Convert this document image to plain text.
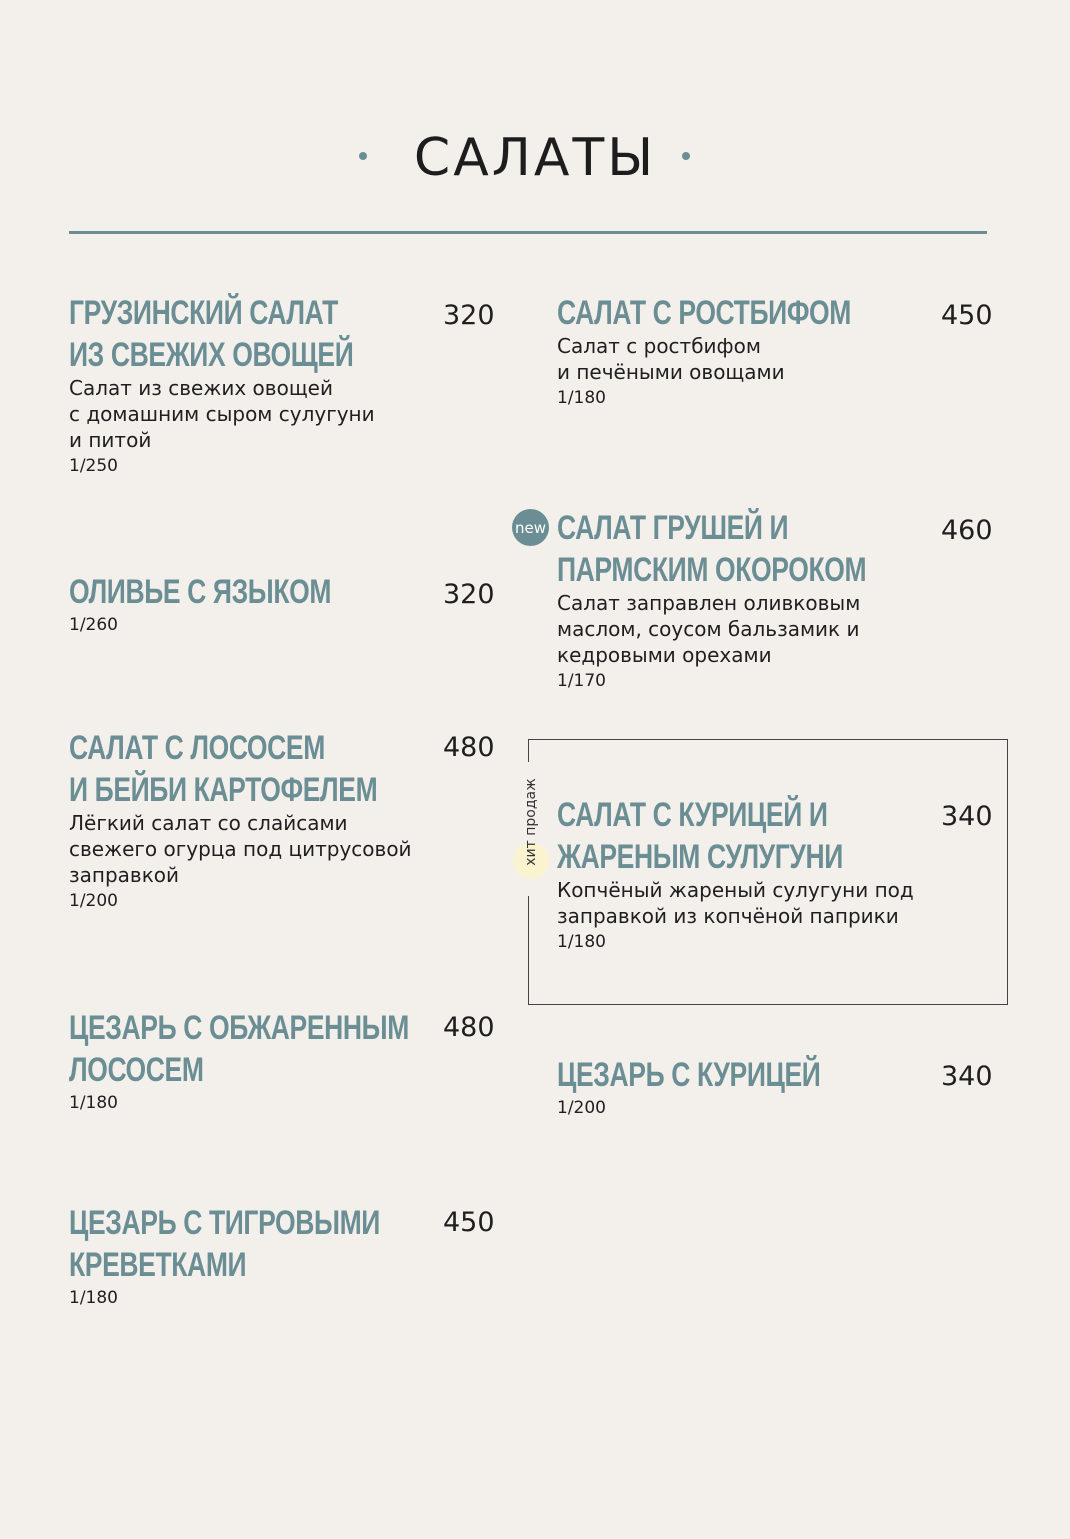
САЛАТЫ
ГРУЗИНСКИЙ САЛАТ
ИЗ СВЕЖИХ ОВОЩЕЙ
Салат из свежих овощей
с домашним сыром сулугуни
и питой
1/250
320
ОЛИВЬЕ С ЯЗЫКОМ
1/260
320
САЛАТ С ЛОСОСЕМ
И БЕЙБИ КАРТОФЕЛЕМ
Лёгкий салат со слайсами
свежего огурца под цитрусовой
заправкой
1/200
480
ЦЕЗАРЬ С ОБЖАРЕННЫМ
ЛОСОСЕМ
1/180
480
ЦЕЗАРЬ С ТИГРОВЫМИ
КРЕВЕТКАМИ
1/180
450
САЛАТ С РОСТБИФОМ
Салат с ростбифом
и печёными овощами
1/180
450
new САЛАТ ГРУШЕЙ И
ПАРМСКИМ ОКОРОКОМ
Салат заправлен оливковым
маслом, соусом бальзамик и
кедровыми орехами
1/170
460
хит продаж САЛАТ С КУРИЦЕЙ И
ЖАРЕНЫМ СУЛУГУНИ
Копчёный жареный сулугуни под
заправкой из копчёной паприки
1/180
340
ЦЕЗАРЬ С КУРИЦЕЙ
1/200
340
